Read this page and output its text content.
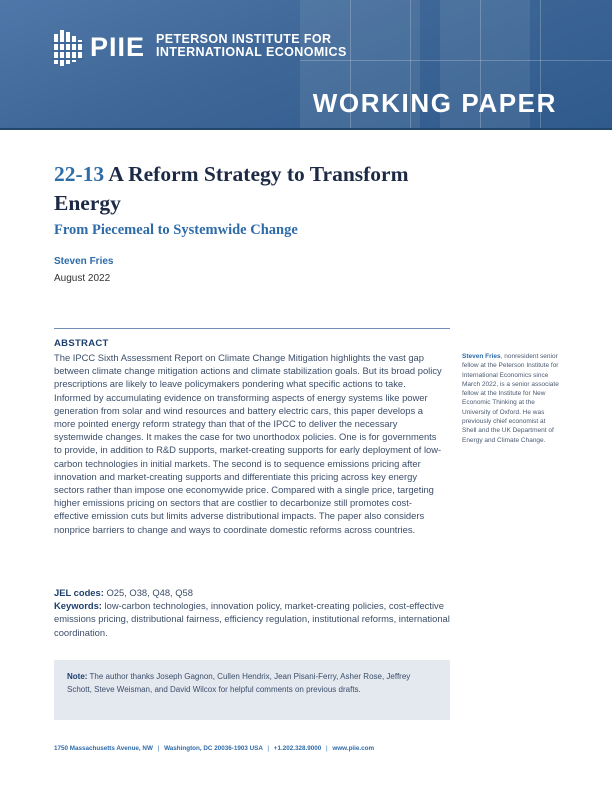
PIIE PETERSON INSTITUTE FOR
INTERNATIONAL ECONOMICS
WORKING PAPER
22-13 A Reform Strategy to Transform Energy
From Piecemeal to Systemwide Change
Steven Fries
August 2022
ABSTRACT
The IPCC Sixth Assessment Report on Climate Change Mitigation highlights the vast gap between climate change mitigation actions and climate stabilization goals. But its broad policy prescriptions are likely to leave policymakers pondering what specific actions to take. Informed by accumulating evidence on transforming aspects of energy systems like power generation from solar and wind resources and battery electric cars, this paper develops a more pointed energy reform strategy than that of the IPCC to deliver the necessary systemwide changes. It makes the case for two unorthodox policies. One is for governments to provide, in addition to R&D supports, market-creating supports for early deployment of low-carbon technologies in initial markets. The second is to sequence emissions pricing after innovation and market-creating supports and differentiate this pricing across key energy sectors rather than impose one economywide price. Compared with a single price, targeting higher emissions pricing on sectors that are costlier to decarbonize still promotes cost-effective emission cuts but limits adverse distributional impacts. The paper also considers nonprice barriers to change and ways to coordinate domestic reforms across countries.
JEL codes: O25, O38, Q48, Q58
Keywords: low-carbon technologies, innovation policy, market-creating policies, cost-effective emissions pricing, distributional fairness, efficiency regulation, institutional reforms, international coordination.
Steven Fries, nonresident senior fellow at the Peterson Institute for International Economics since March 2022, is a senior associate fellow at the Institute for New Economic Thinking at the University of Oxford. He was previously chief economist at Shell and the UK Department of Energy and Climate Change.
Note: The author thanks Joseph Gagnon, Cullen Hendrix, Jean Pisani-Ferry, Asher Rose, Jeffrey Schott, Steve Weisman, and David Wilcox for helpful comments on previous drafts.
1750 Massachusetts Avenue, NW | Washington, DC 20036-1903 USA | +1.202.328.9000 | www.piie.com
